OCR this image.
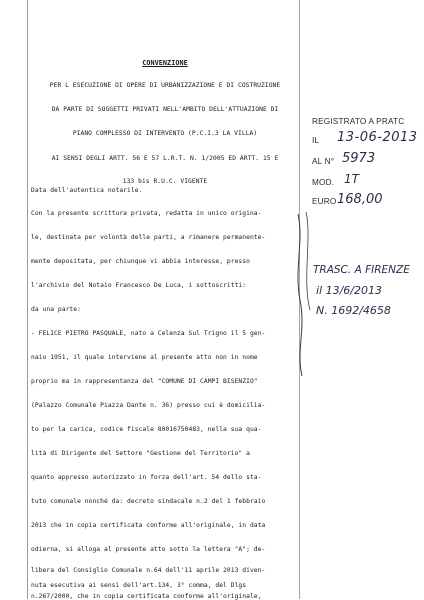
CONVENZIONE
PER L ESECUZIONE DI OPERE DI URBANIZZAZIONE E DI COSTRUZIONE
DA PARTE DI SOGGETTI PRIVATI NELL'AMBITO DELL'ATTUAZIONE DI
PIANO COMPLESSO DI INTERVENTO (P.C.I.3 LA VILLA)
AI SENSI DEGLI ARTT. 56 E 57 L.R.T. N. 1/2005 ED ARTT. 15 E
133 bis R.U.C. VIGENTE
Data dell'autentica notarile.
Con la presente scrittura privata, redatta in unico origina-
le, destinata per volontà delle parti, a rimanere permanente-
mente depositata, per chiunque vi abbia interesse, presso
l'archivio del Notaio Francesco De Luca, i sottoscritti:
da una parte:
- FELICE PIETRO PASQUALE, nato a Celenza Sul Trigno il 5 gen-
naio 1951, il quale interviene al presente atto non in nome
proprio ma in rappresentanza del "COMUNE DI CAMPI BISENZIO"
(Palazzo Comunale Piazza Dante n. 36) presso cui è domicilia-
to per la carica, codice fiscale 80016750483, nella sua qua-
lità di Dirigente del Settore "Gestione del Territorio" a
quanto appresso autorizzato in forza dell'art. 54 dello sta-
tuto comunale nonché da: decreto sindacale n.2 del 1 febbraio
2013 che in copia certificata conforme all'originale, in data
odierna, si alloga al presente atto sotto la lettera "A"; de-
libera del Consiglio Comunale n.64 dell'11 aprile 2013 diven-
nuta esecutiva ai sensi dell'art.134, 3° comma, del Dlgs
n.267/2000, che in copia certificata conforme all'originale,
REGISTRATO A PRATC
IL 13-06-2013
AL N° 5973
MOD. 1T
EURO 168,00
TRASC. A FIRENZE
il 13/6/2013
N. 1692/4658
